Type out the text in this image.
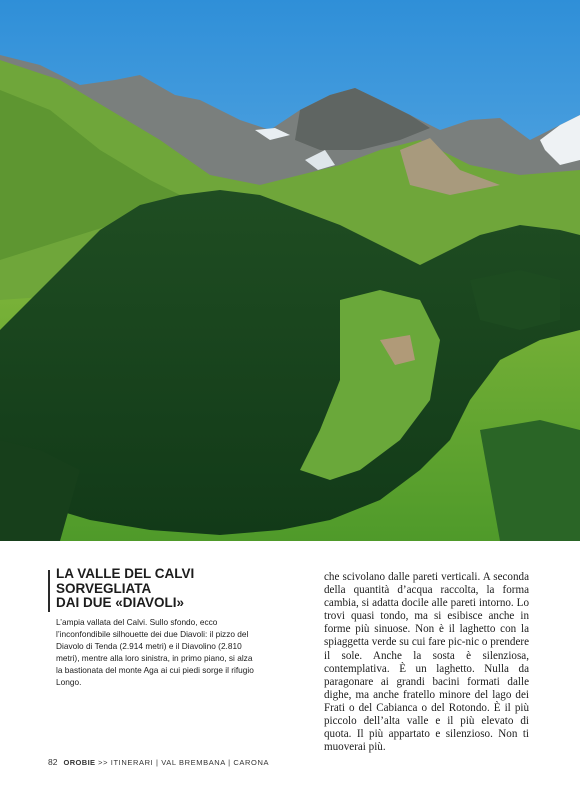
LA VALLE DEL CALVI
SORVEGLIATA
DAI DUE «DIAVOLI»

L’ampia vallata del Calvi. Sullo sfondo, ecco l’inconfondibile silhouette dei due Diavoli: il pizzo del Diavolo di Tenda (2.914 metri) e il Diavolino (2.810 metri), mentre alla loro sinistra, in primo piano, si alza la bastionata del monte Aga ai cui piedi sorge il rifugio Longo.

che scivolano dalle pareti verticali. A seconda della quantità d’acqua raccolta, la forma cambia, si adatta docile alle pareti intorno. Lo trovi quasi tondo, ma si esibisce anche in forme più sinuose. Non è il laghetto con la spiaggetta verde su cui fare pic-nic o prendere il sole. Anche la sosta è silenziosa, contemplativa. È un laghetto. Nulla da paragonare ai grandi bacini formati dalle dighe, ma anche fratello minore del lago dei Frati o del Cabianca o del Rotondo. È il più piccolo dell’alta valle e il più elevato di quota. Il più appartato e silenzioso. Non ti muoverai più.

82 OROBIE >> ITINERARI | VAL BREMBANA | CARONA
